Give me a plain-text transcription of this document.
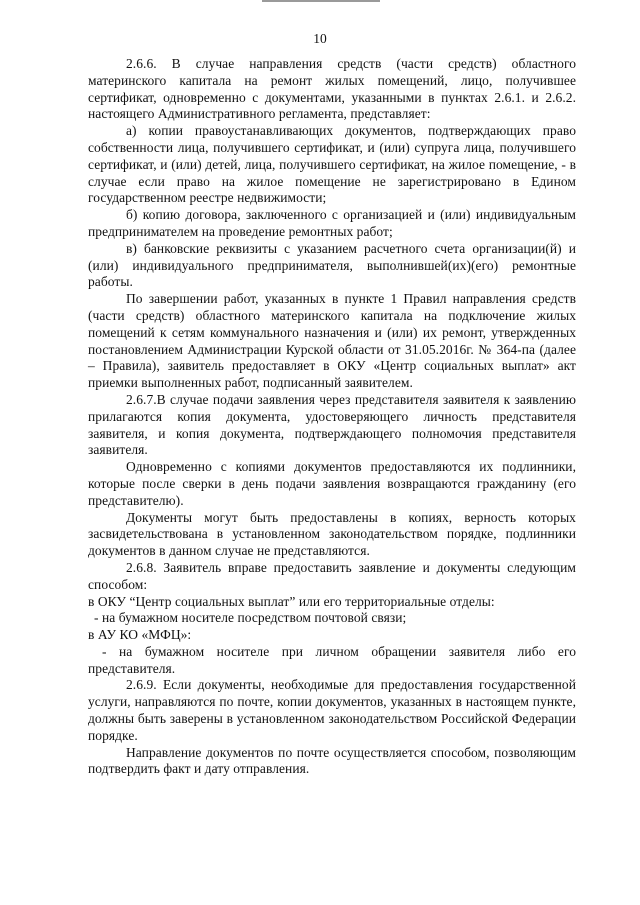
10

2.6.6. В случае направления средств (части средств) областного материнского капитала на ремонт жилых помещений, лицо, получившее сертификат, одновременно с документами, указанными в пунктах 2.6.1. и 2.6.2. настоящего Административного регламента, представляет:

а) копии правоустанавливающих документов, подтверждающих право собственности лица, получившего сертификат, и (или) супруга лица, получившего сертификат, и (или) детей, лица, получившего сертификат, на жилое помещение, - в случае если право на жилое помещение не зарегистрировано в Едином государственном реестре недвижимости;

б) копию договора, заключенного с организацией и (или) индивидуальным предпринимателем на проведение ремонтных работ;

в) банковские реквизиты с указанием расчетного счета организации(й) и (или) индивидуального предпринимателя, выполнившей(их)(его) ремонтные работы.

По завершении работ, указанных в пункте 1 Правил направления средств (части средств) областного материнского капитала на подключение жилых помещений к сетям коммунального назначения и (или) их ремонт, утвержденных постановлением Администрации Курской области от 31.05.2016г. № 364-па (далее – Правила), заявитель предоставляет в ОКУ «Центр социальных выплат» акт приемки выполненных работ, подписанный заявителем.

2.6.7.В случае подачи заявления через представителя заявителя к заявлению прилагаются копия документа, удостоверяющего личность представителя заявителя, и копия документа, подтверждающего полномочия представителя заявителя.

Одновременно с копиями документов предоставляются их подлинники, которые после сверки в день подачи заявления возвращаются гражданину (его представителю).

Документы могут быть предоставлены в копиях, верность которых засвидетельствована в установленном законодательством порядке, подлинники документов в данном случае не представляются.

2.6.8. Заявитель вправе предоставить заявление и документы следующим способом:

в ОКУ “Центр социальных выплат” или его территориальные отделы:

- на бумажном носителе посредством почтовой связи;

в АУ КО «МФЦ»:

- на бумажном носителе при личном обращении заявителя либо его представителя.

2.6.9. Если документы, необходимые для предоставления государственной услуги, направляются по почте, копии документов, указанных в настоящем пункте, должны быть заверены в установленном законодательством Российской Федерации порядке.

Направление документов по почте осуществляется способом, позволяющим подтвердить факт и дату отправления.
